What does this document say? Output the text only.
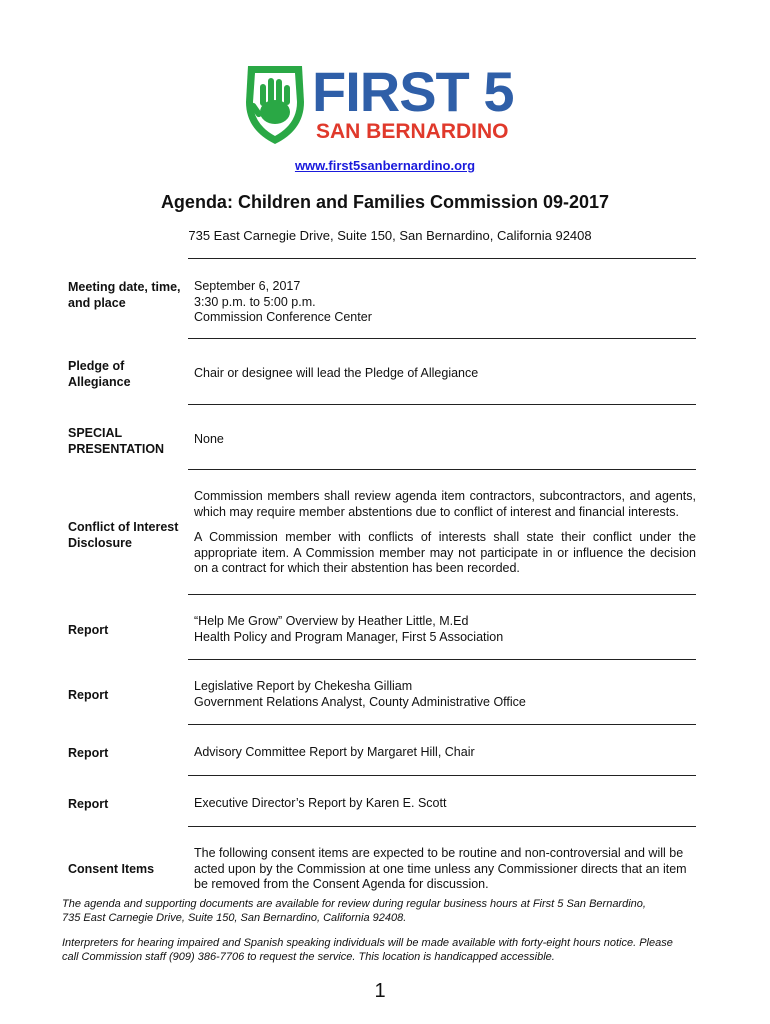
FIRST 5
SAN BERNARDINO
www.first5sanbernardino.org
Agenda: Children and Families Commission 09-2017
735 East Carnegie Drive, Suite 150, San Bernardino, California 92408
Meeting date, time,
and place
September 6, 2017
3:30 p.m. to 5:00 p.m.
Commission Conference Center
Pledge of
Allegiance
Chair or designee will lead the Pledge of Allegiance
SPECIAL
PRESENTATION
None
Conflict of Interest
Disclosure

Commission members shall review agenda item contractors, subcontractors, and agents, which may require member abstentions due to conflict of interest and financial interests.

A Commission member with conflicts of interests shall state their conflict under the appropriate item. A Commission member may not participate in or influence the decision on a contract for which their abstention has been recorded.

Report
“Help Me Grow” Overview by Heather Little, M.Ed
Health Policy and Program Manager, First 5 Association
Report
Legislative Report by Chekesha Gilliam
Government Relations Analyst, County Administrative Office
Report	Advisory Committee Report by Margaret Hill, Chair
Report	Executive Director’s Report by Karen E. Scott
Consent Items
The following consent items are expected to be routine and non-controversial and will be acted upon by the Commission at one time unless any Commissioner directs that an item be removed from the Consent Agenda for discussion.

The agenda and supporting documents are available for review during regular business hours at First 5 San Bernardino,

735 East Carnegie Drive, Suite 150, San Bernardino, California 92408.

Interpreters for hearing impaired and Spanish speaking individuals will be made available with forty-eight hours notice. Please

call Commission staff (909) 386-7706 to request the service. This location is handicapped accessible.

1
